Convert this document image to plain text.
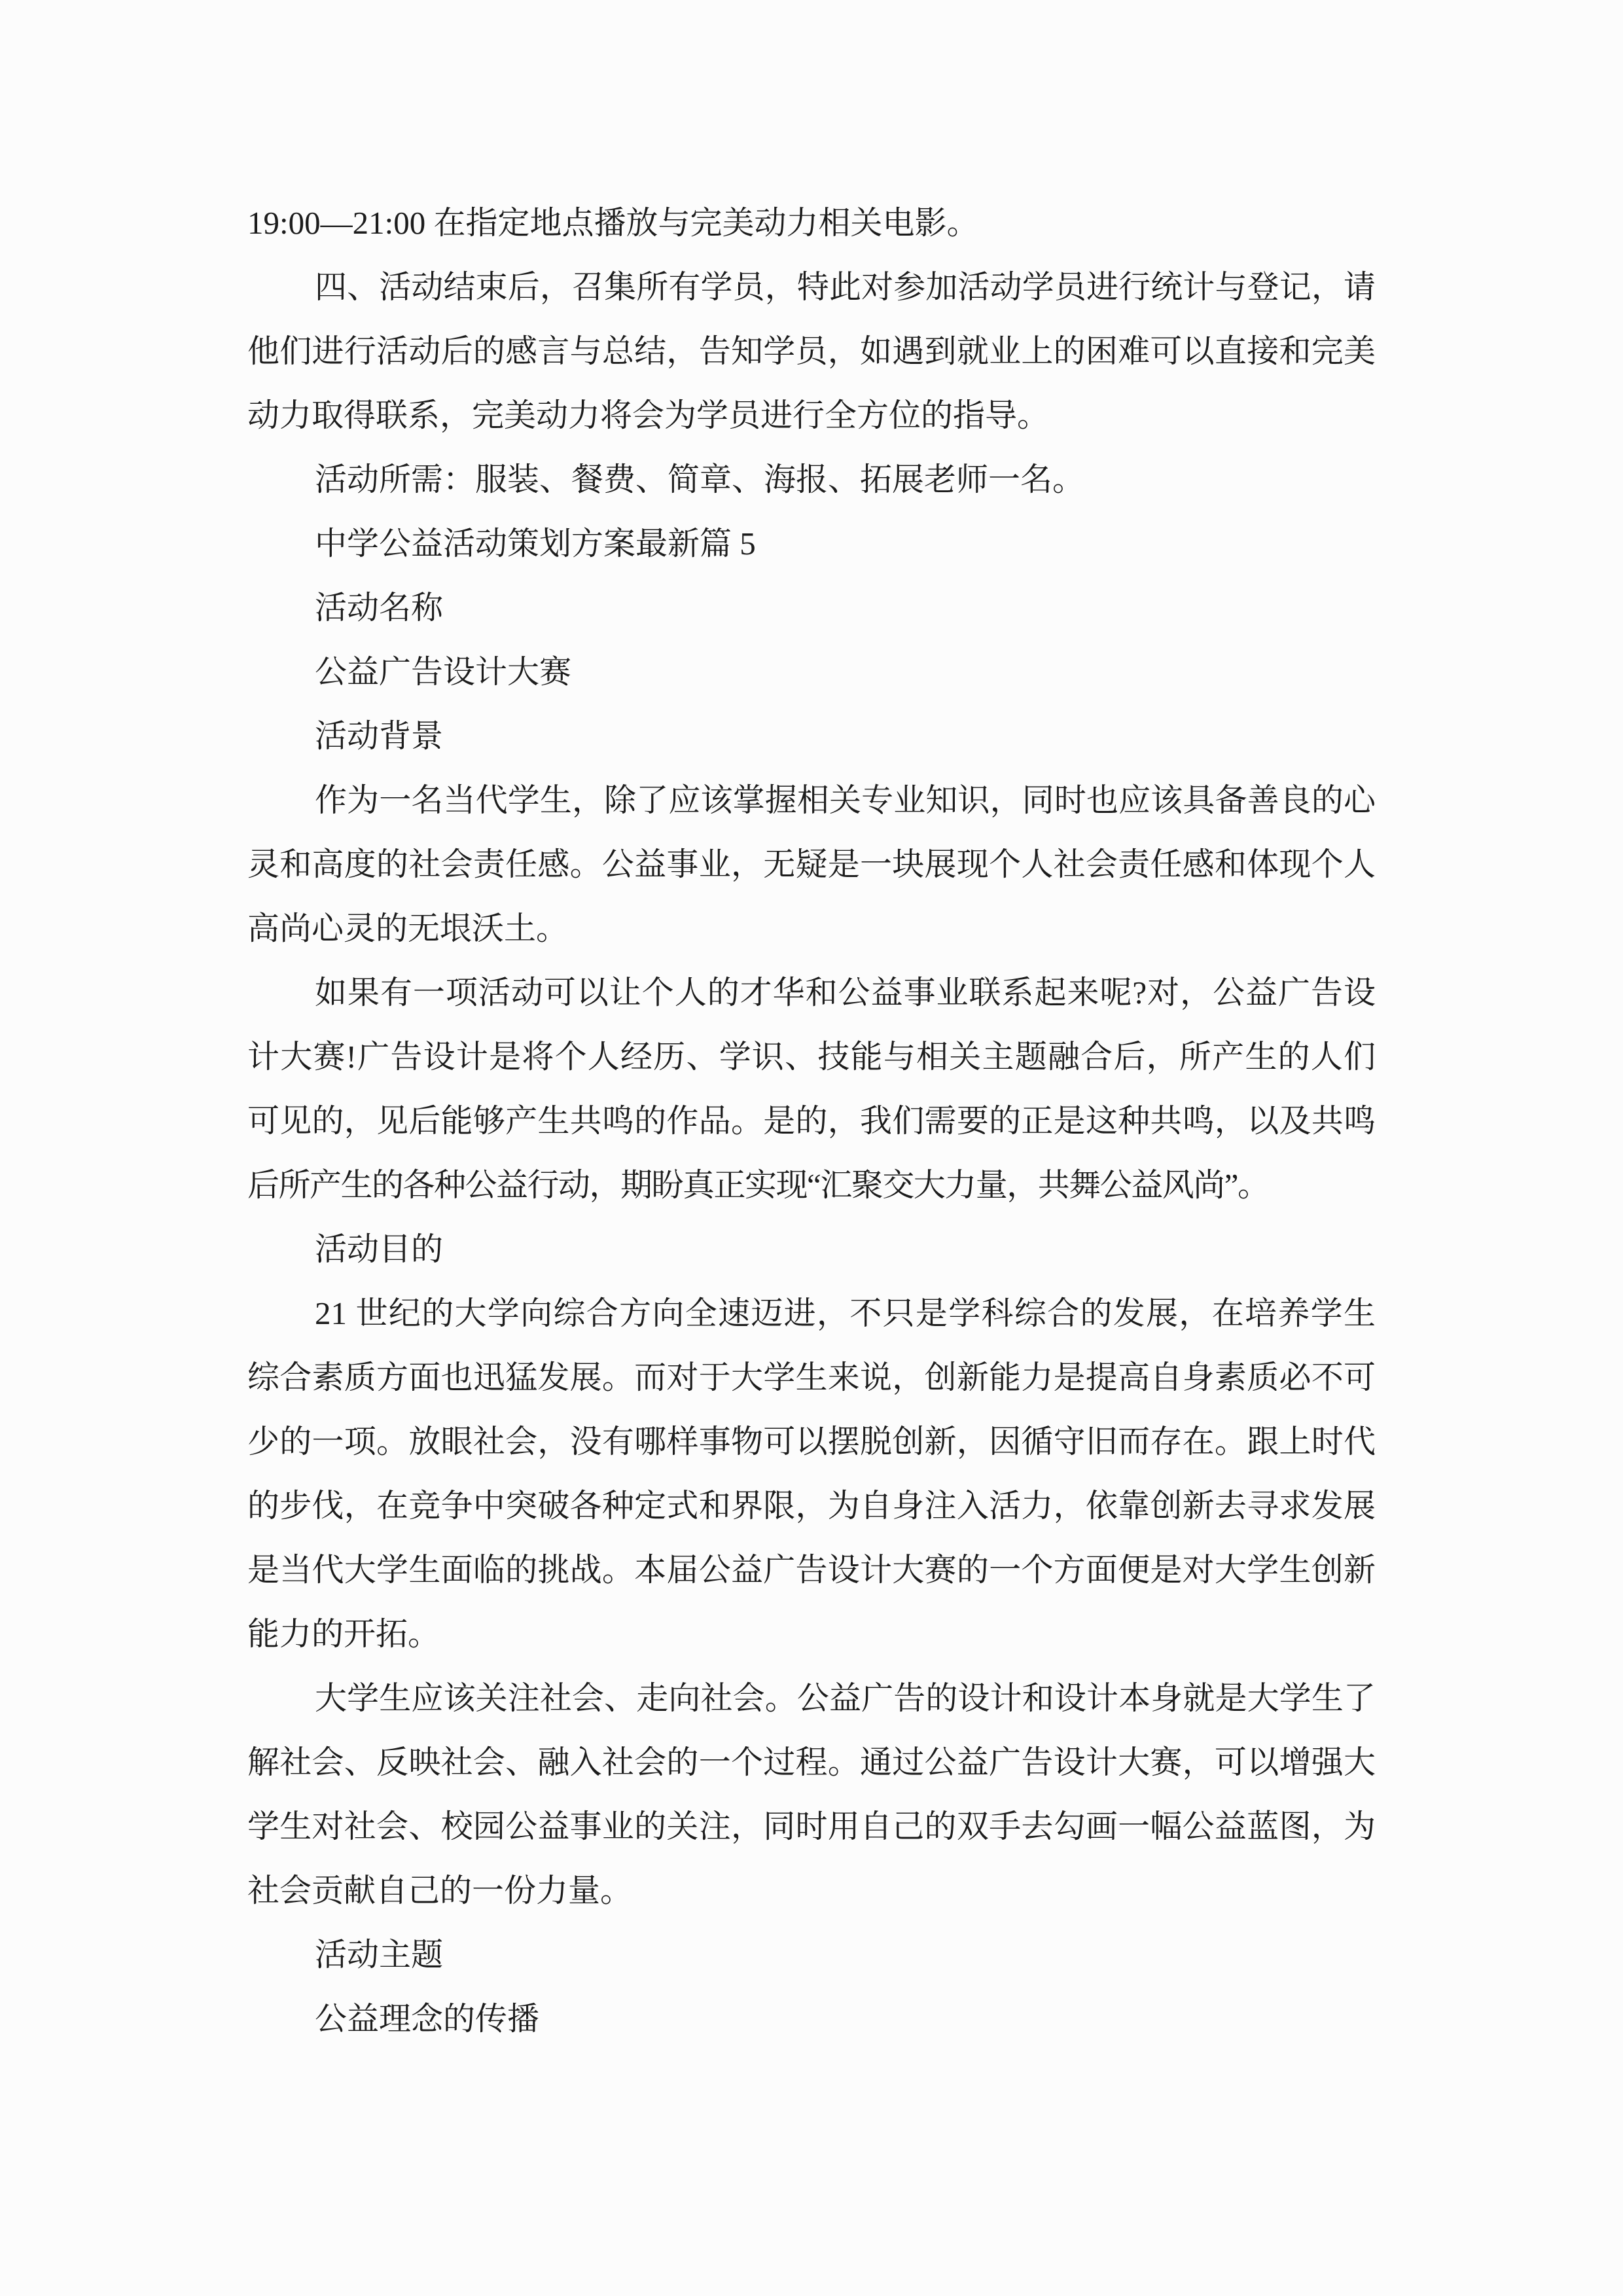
19:00—21:00 在指定地点播放与完美动力相关电影。
四、活动结束后，召集所有学员，特此对参加活动学员进行统计与登记，请
他们进行活动后的感言与总结，告知学员，如遇到就业上的困难可以直接和完美
动力取得联系，完美动力将会为学员进行全方位的指导。
活动所需：服装、餐费、简章、海报、拓展老师一名。
中学公益活动策划方案最新篇 5
活动名称
公益广告设计大赛
活动背景
作为一名当代学生，除了应该掌握相关专业知识，同时也应该具备善良的心
灵和高度的社会责任感。公益事业，无疑是一块展现个人社会责任感和体现个人
高尚心灵的无垠沃土。
如果有一项活动可以让个人的才华和公益事业联系起来呢?对，公益广告设
计大赛!广告设计是将个人经历、学识、技能与相关主题融合后，所产生的人们
可见的，见后能够产生共鸣的作品。是的，我们需要的正是这种共鸣，以及共鸣
后所产生的各种公益行动，期盼真正实现“汇聚交大力量，共舞公益风尚”。
活动目的
21 世纪的大学向综合方向全速迈进，不只是学科综合的发展，在培养学生
综合素质方面也迅猛发展。而对于大学生来说，创新能力是提高自身素质必不可
少的一项。放眼社会，没有哪样事物可以摆脱创新，因循守旧而存在。跟上时代
的步伐，在竞争中突破各种定式和界限，为自身注入活力，依靠创新去寻求发展
是当代大学生面临的挑战。本届公益广告设计大赛的一个方面便是对大学生创新
能力的开拓。
大学生应该关注社会、走向社会。公益广告的设计和设计本身就是大学生了
解社会、反映社会、融入社会的一个过程。通过公益广告设计大赛，可以增强大
学生对社会、校园公益事业的关注，同时用自己的双手去勾画一幅公益蓝图，为
社会贡献自己的一份力量。
活动主题
公益理念的传播
